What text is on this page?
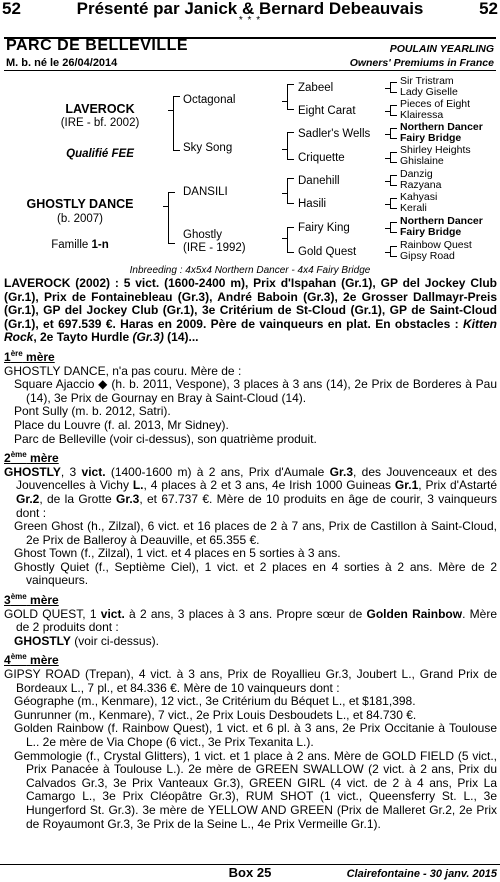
52	Présenté par Janick & Bernard Debeauvais	52
* * *
PARC DE BELLEVILLE	POULAIN YEARLING
M. b. né le 26/04/2014	Owners' Premiums in France
LAVEROCK
(IRE - bf. 2002)
Qualifié FEE
GHOSTLY DANCE
(b. 2007)
Famille 1-n
Octagonal
Sky Song
DANSILI
Ghostly
(IRE - 1992)
Zabeel
Eight Carat
Sadler's Wells
Criquette
Danehill
Hasili
Fairy King
Gold Quest
Sir Tristram
Lady Giselle
Pieces of Eight
Klairessa
Northern Dancer
Fairy Bridge
Shirley Heights
Ghislaine
Danzig
Razyana
Kahyasi
Kerali
Northern Dancer
Fairy Bridge
Rainbow Quest
Gipsy Road
Inbreeding : 4x5x4 Northern Dancer - 4x4 Fairy Bridge

LAVEROCK (2002) : 5 vict. (1600-2400 m), Prix d'Ispahan (Gr.1), GP del Jockey Club (Gr.1), Prix de Fontainebleau (Gr.3), André Baboin (Gr.3), 2e Grosser Dallmayr-Preis (Gr.1), GP del Jockey Club (Gr.1), 3e Critérium de St-Cloud (Gr.1), GP de Saint-Cloud (Gr.1), et 697.539 €. Haras en 2009. Père de vainqueurs en plat. En obstacles : Kitten Rock, 2e Tayto Hurdle (Gr.3) (14)...

1ère mère

GHOSTLY DANCE, n'a pas couru. Mère de :

Square Ajaccio ◆ (h. b. 2011, Vespone), 3 places à 3 ans (14), 2e Prix de Borderes à Pau (14), 3e Prix de Gournay en Bray à Saint-Cloud (14).

Pont Sully (m. b. 2012, Satri).

Place du Louvre (f. al. 2013, Mr Sidney).

Parc de Belleville (voir ci-dessus), son quatrième produit.

2ème mère

GHOSTLY, 3 vict. (1400-1600 m) à 2 ans, Prix d'Aumale Gr.3, des Jouvenceaux et des Jouvencelles à Vichy L., 4 places à 2 et 3 ans, 4e Irish 1000 Guineas Gr.1, Prix d'Astarté Gr.2, de la Grotte Gr.3, et 67.737 €. Mère de 10 produits en âge de courir, 3 vainqueurs dont :

Green Ghost (h., Zilzal), 6 vict. et 16 places de 2 à 7 ans, Prix de Castillon à Saint-Cloud, 2e Prix de Balleroy à Deauville, et 65.355 €.

Ghost Town (f., Zilzal), 1 vict. et 4 places en 5 sorties à 3 ans.

Ghostly Quiet (f., Septième Ciel), 1 vict. et 2 places en 4 sorties à 2 ans. Mère de 2 vainqueurs.

3ème mère

GOLD QUEST, 1 vict. à 2 ans, 3 places à 3 ans. Propre sœur de Golden Rainbow. Mère de 2 produits dont :

GHOSTLY (voir ci-dessus).

4ème mère

GIPSY ROAD (Trepan), 4 vict. à 3 ans, Prix de Royallieu Gr.3, Joubert L., Grand Prix de Bordeaux L., 7 pl., et 84.336 €. Mère de 10 vainqueurs dont :

Géographe (m., Kenmare), 12 vict., 3e Critérium du Béquet L., et $181,398.

Gunrunner (m., Kenmare), 7 vict., 2e Prix Louis Desboudets L., et 84.730 €.

Golden Rainbow (f. Rainbow Quest), 1 vict. et 6 pl. à 3 ans, 2e Prix Occitanie à Toulouse L.. 2e mère de Via Chope (6 vict., 3e Prix Texanita L.).

Gemmologie (f., Crystal Glitters), 1 vict. et 1 place à 2 ans. Mère de GOLD FIELD (5 vict., Prix Panacée à Toulouse L.). 2e mère de GREEN SWALLOW (2 vict. à 2 ans, Prix du Calvados Gr.3, 3e Prix Vanteaux Gr.3), GREEN GIRL (4 vict. de 2 à 4 ans, Prix La Camargo L., 3e Prix Cléopâtre Gr.3), RUM SHOT (1 vict., Queensferry St. L., 3e Hungerford St. Gr.3). 3e mère de YELLOW AND GREEN (Prix de Malleret Gr.2, 2e Prix de Royaumont Gr.3, 3e Prix de la Seine L., 4e Prix Vermeille Gr.1).

Box 25	Clairefontaine - 30 janv. 2015
